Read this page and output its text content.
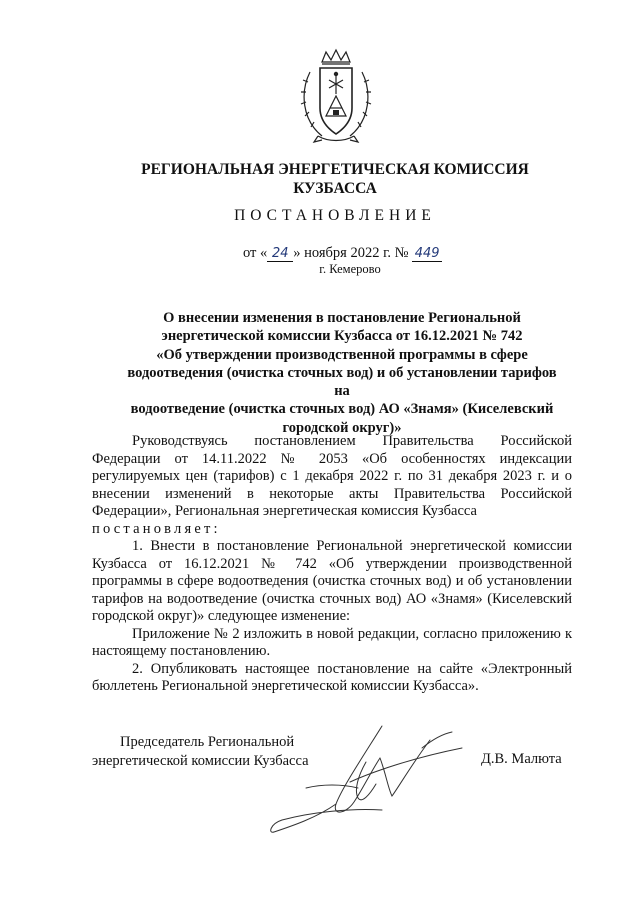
РЕГИОНАЛЬНАЯ ЭНЕРГЕТИЧЕСКАЯ КОМИССИЯ
КУЗБАССА
ПОСТАНОВЛЕНИЕ
от « 24 » ноября 2022 г. № 449
г. Кемерово
О внесении изменения в постановление Региональной
энергетической комиссии Кузбасса от 16.12.2021 № 742
«Об утверждении производственной программы в сфере
водоотведения (очистка сточных вод) и об установлении тарифов на
водоотведение (очистка сточных вод) АО «Знамя» (Киселевский
городской округ)»

Руководствуясь постановлением Правительства Российской Федерации от 14.11.2022 № 2053 «Об особенностях индексации регулируемых цен (тарифов) с 1 декабря 2022 г. по 31 декабря 2023 г. и о внесении изменений в некоторые акты Правительства Российской Федерации», Региональная энергетическая комиссия Кузбасса

постановляет:

1. Внести в постановление Региональной энергетической комиссии Кузбасса от 16.12.2021 № 742 «Об утверждении производственной программы в сфере водоотведения (очистка сточных вод) и об установлении тарифов на водоотведение (очистка сточных вод) АО «Знамя» (Киселевский городской округ)» следующее изменение:

Приложение № 2 изложить в новой редакции, согласно приложению к настоящему постановлению.

2. Опубликовать настоящее постановление на сайте «Электронный бюллетень Региональной энергетической комиссии Кузбасса».

Председатель Региональной
энергетической комиссии Кузбасса	Д.В. Малюта
